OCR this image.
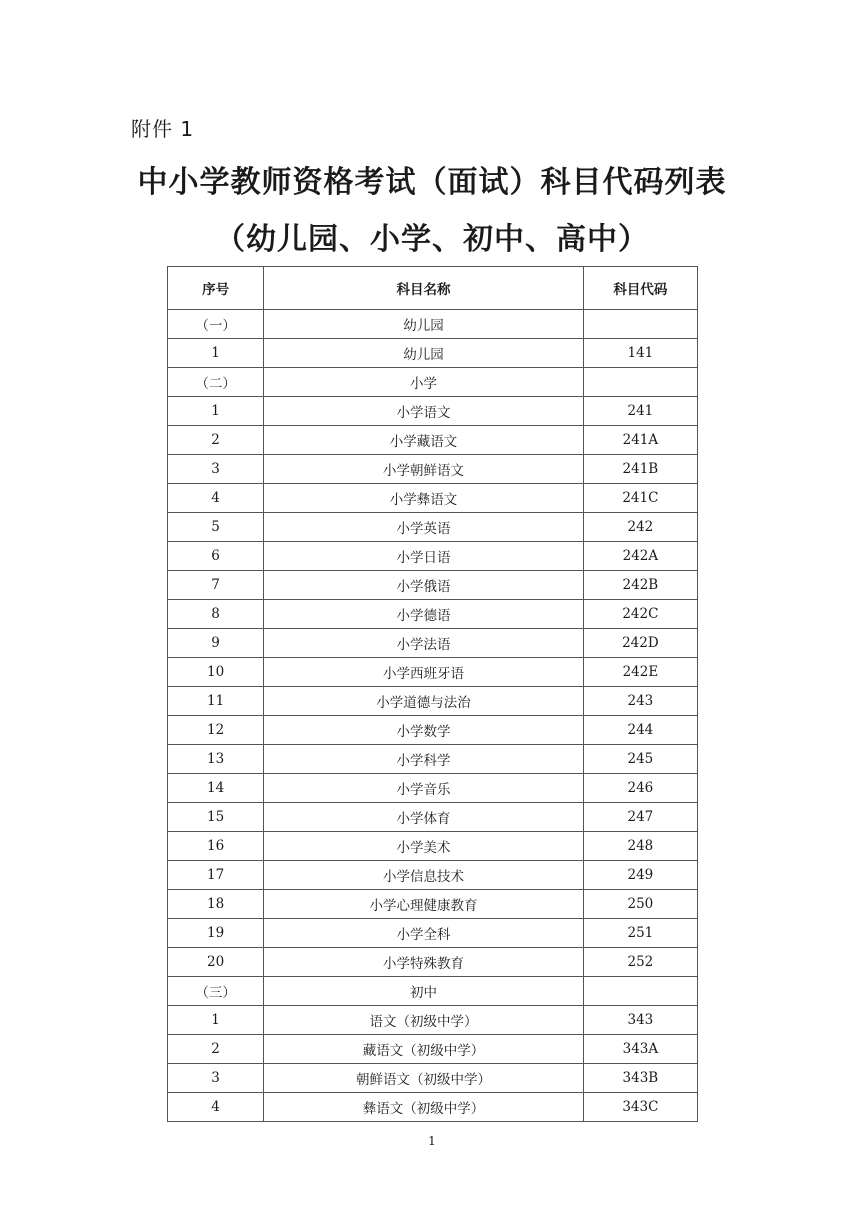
附件 1
中小学教师资格考试（面试）科目代码列表
（幼儿园、小学、初中、高中）
序号	科目名称	科目代码
（一）	幼儿园	
1	幼儿园	141
（二）	小学	
1	小学语文	241
2	小学藏语文	241A
3	小学朝鲜语文	241B
4	小学彝语文	241C
5	小学英语	242
6	小学日语	242A
7	小学俄语	242B
8	小学德语	242C
9	小学法语	242D
10	小学西班牙语	242E
11	小学道德与法治	243
12	小学数学	244
13	小学科学	245
14	小学音乐	246
15	小学体育	247
16	小学美术	248
17	小学信息技术	249
18	小学心理健康教育	250
19	小学全科	251
20	小学特殊教育	252
（三）	初中	
1	语文（初级中学）	343
2	藏语文（初级中学）	343A
3	朝鲜语文（初级中学）	343B
4	彝语文（初级中学）	343C
1
